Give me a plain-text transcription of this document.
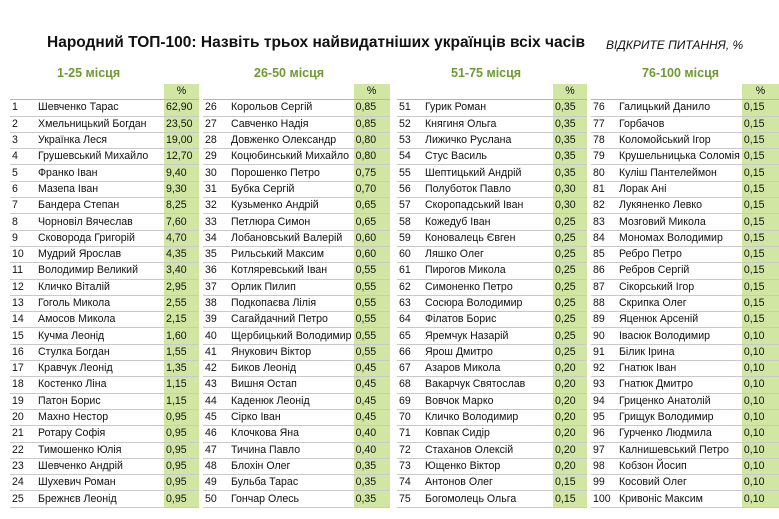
Народний ТОП-100: Назвіть трьох найвидатніших українців всіх часів ВІДКРИТЕ ПИТАННЯ, %
1-25 місця
		%
1	Шевченко Тарас	62,90
2	Хмельницький Богдан	23,50
3	Українка Леся	19,00
4	Грушевський Михайло	12,70
5	Франко Іван	9,40
6	Мазепа Іван	9,30
7	Бандера Степан	8,25
8	Чорновіл Вячеслав	7,60
9	Сковорода Григорій	4,70
10	Мудрий Ярослав	4,35
11	Володимир Великий	3,40
12	Кличко Віталій	2,95
13	Гоголь Микола	2,55
14	Амосов Микола	2,15
15	Кучма Леонід	1,60
16	Стулка Богдан	1,55
17	Кравчук Леонід	1,35
18	Костенко Ліна	1,15
19	Патон Борис	1,15
20	Махно Нестор	0,95
21	Ротару Софія	0,95
22	Тимошенко Юлія	0,95
23	Шевченко Андрій	0,95
24	Шухевич Роман	0,95
25	Брежнєв Леонід	0,95
26-50 місця
		%
26	Корольов Сергій	0,85
27	Савченко Надія	0,85
28	Довженко Олександр	0,80
29	Коцюбинський Михайло	0,80
30	Порошенко Петро	0,75
31	Бубка Сергій	0,70
32	Кузьменко Андрій	0,65
33	Петлюра Симон	0,65
34	Лобановський Валерій	0,60
35	Рильський Максим	0,60
36	Котляревський Іван	0,55
37	Орлик Пилип	0,55
38	Подкопаєва Лілія	0,55
39	Сагайдачний Петро	0,55
40	Щербицький Володимир	0,55
41	Янукович Віктор	0,55
42	Биков Леонід	0,45
43	Вишня Остап	0,45
44	Каденюк Леонід	0,45
45	Сірко Іван	0,45
46	Клочкова Яна	0,40
47	Тичина Павло	0,40
48	Блохін Олег	0,35
49	Бульба Тарас	0,35
50	Гончар Олесь	0,35
51-75 місця
		%
51	Гурик Роман	0,35
52	Княгиня Ольга	0,35
53	Лижичко Руслана	0,35
54	Стус Василь	0,35
55	Шептицький Андрій	0,35
56	Полуботок Павло	0,30
57	Скоропадський Іван	0,30
58	Кожедуб Іван	0,25
59	Коновалець Євген	0,25
60	Ляшко Олег	0,25
61	Пирогов Микола	0,25
62	Симоненко Петро	0,25
63	Сосюра Володимир	0,25
64	Філатов Борис	0,25
65	Яремчук Назарій	0,25
66	Ярош Дмитро	0,25
67	Азаров Микола	0,20
68	Вакарчук Святослав	0,20
69	Вовчок Марко	0,20
70	Кличко Володимир	0,20
71	Ковпак Сидір	0,20
72	Стаханов Олексій	0,20
73	Ющенко Віктор	0,20
74	Антонов Олег	0,15
75	Богомолець Ольга	0,15
76-100 місця
		%
76	Галицький Данило	0,15
77	Горбачов	0,15
78	Коломойський Ігор	0,15
79	Крушельницька Соломія	0,15
80	Куліш Пантелеймон	0,15
81	Лорак Ані	0,15
82	Лукяненко Левко	0,15
83	Мозговий Микола	0,15
84	Мономах Володимир	0,15
85	Ребро Петро	0,15
86	Ребров Сергій	0,15
87	Сікорський Ігор	0,15
88	Скрипка Олег	0,15
89	Яценюк Арсеній	0,15
90	Івасюк Володимир	0,10
91	Білик Ірина	0,10
92	Гнатюк Іван	0,10
93	Гнатюк Дмитро	0,10
94	Гриценко Анатолій	0,10
95	Грищук Володимир	0,10
96	Гурченко Людмила	0,10
97	Калнишевський Петро	0,10
98	Кобзон Йосип	0,10
99	Косовий Олег	0,10
100	Кривоніс Максим	0,10
